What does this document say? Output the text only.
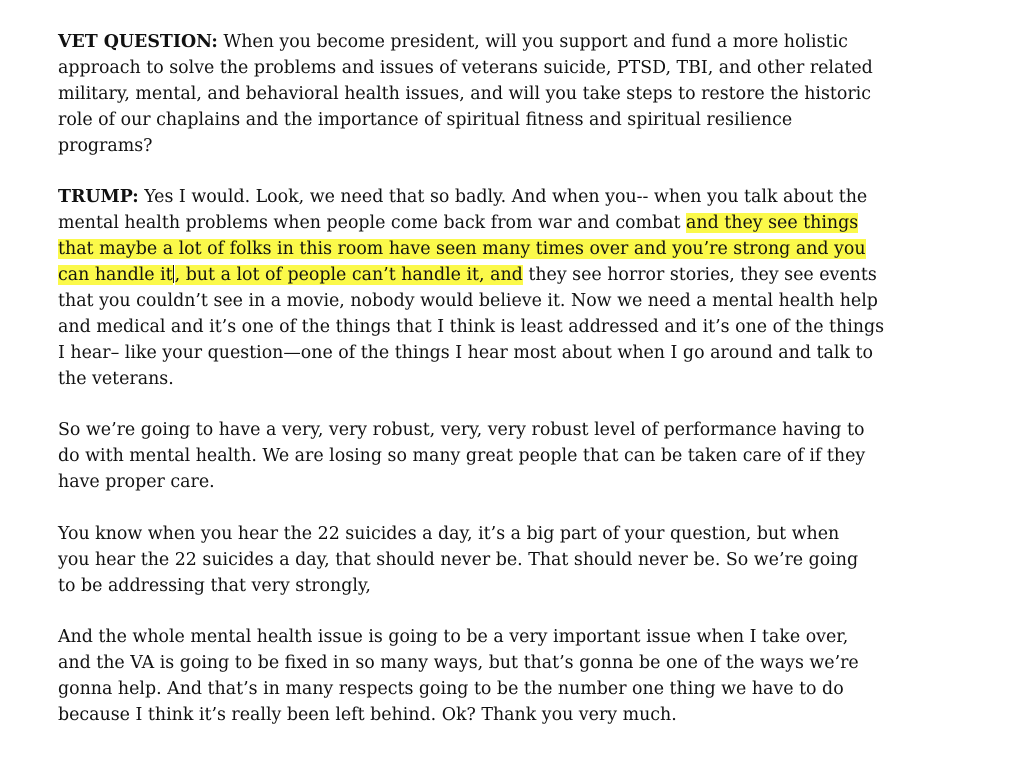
VET QUESTION: When you become president, will you support and fund a more holistic
approach to solve the problems and issues of veterans suicide, PTSD, TBI, and other related
military, mental, and behavioral health issues, and will you take steps to restore the historic
role of our chaplains and the importance of spiritual fitness and spiritual resilience
programs?

TRUMP: Yes I would. Look, we need that so badly. And when you-- when you talk about the
mental health problems when people come back from war and combat and they see things
that maybe a lot of folks in this room have seen many times over and you’re strong and you
can handle it , but a lot of people can’t handle it, and they see horror stories, they see events
that you couldn’t see in a movie, nobody would believe it. Now we need a mental health help
and medical and it’s one of the things that I think is least addressed and it’s one of the things
I hear– like your question—one of the things I hear most about when I go around and talk to
the veterans.

So we’re going to have a very, very robust, very, very robust level of performance having to
do with mental health. We are losing so many great people that can be taken care of if they
have proper care.

You know when you hear the 22 suicides a day, it’s a big part of your question, but when
you hear the 22 suicides a day, that should never be. That should never be. So we’re going
to be addressing that very strongly,

And the whole mental health issue is going to be a very important issue when I take over,
and the VA is going to be fixed in so many ways, but that’s gonna be one of the ways we’re
gonna help. And that’s in many respects going to be the number one thing we have to do
because I think it’s really been left behind. Ok? Thank you very much.
